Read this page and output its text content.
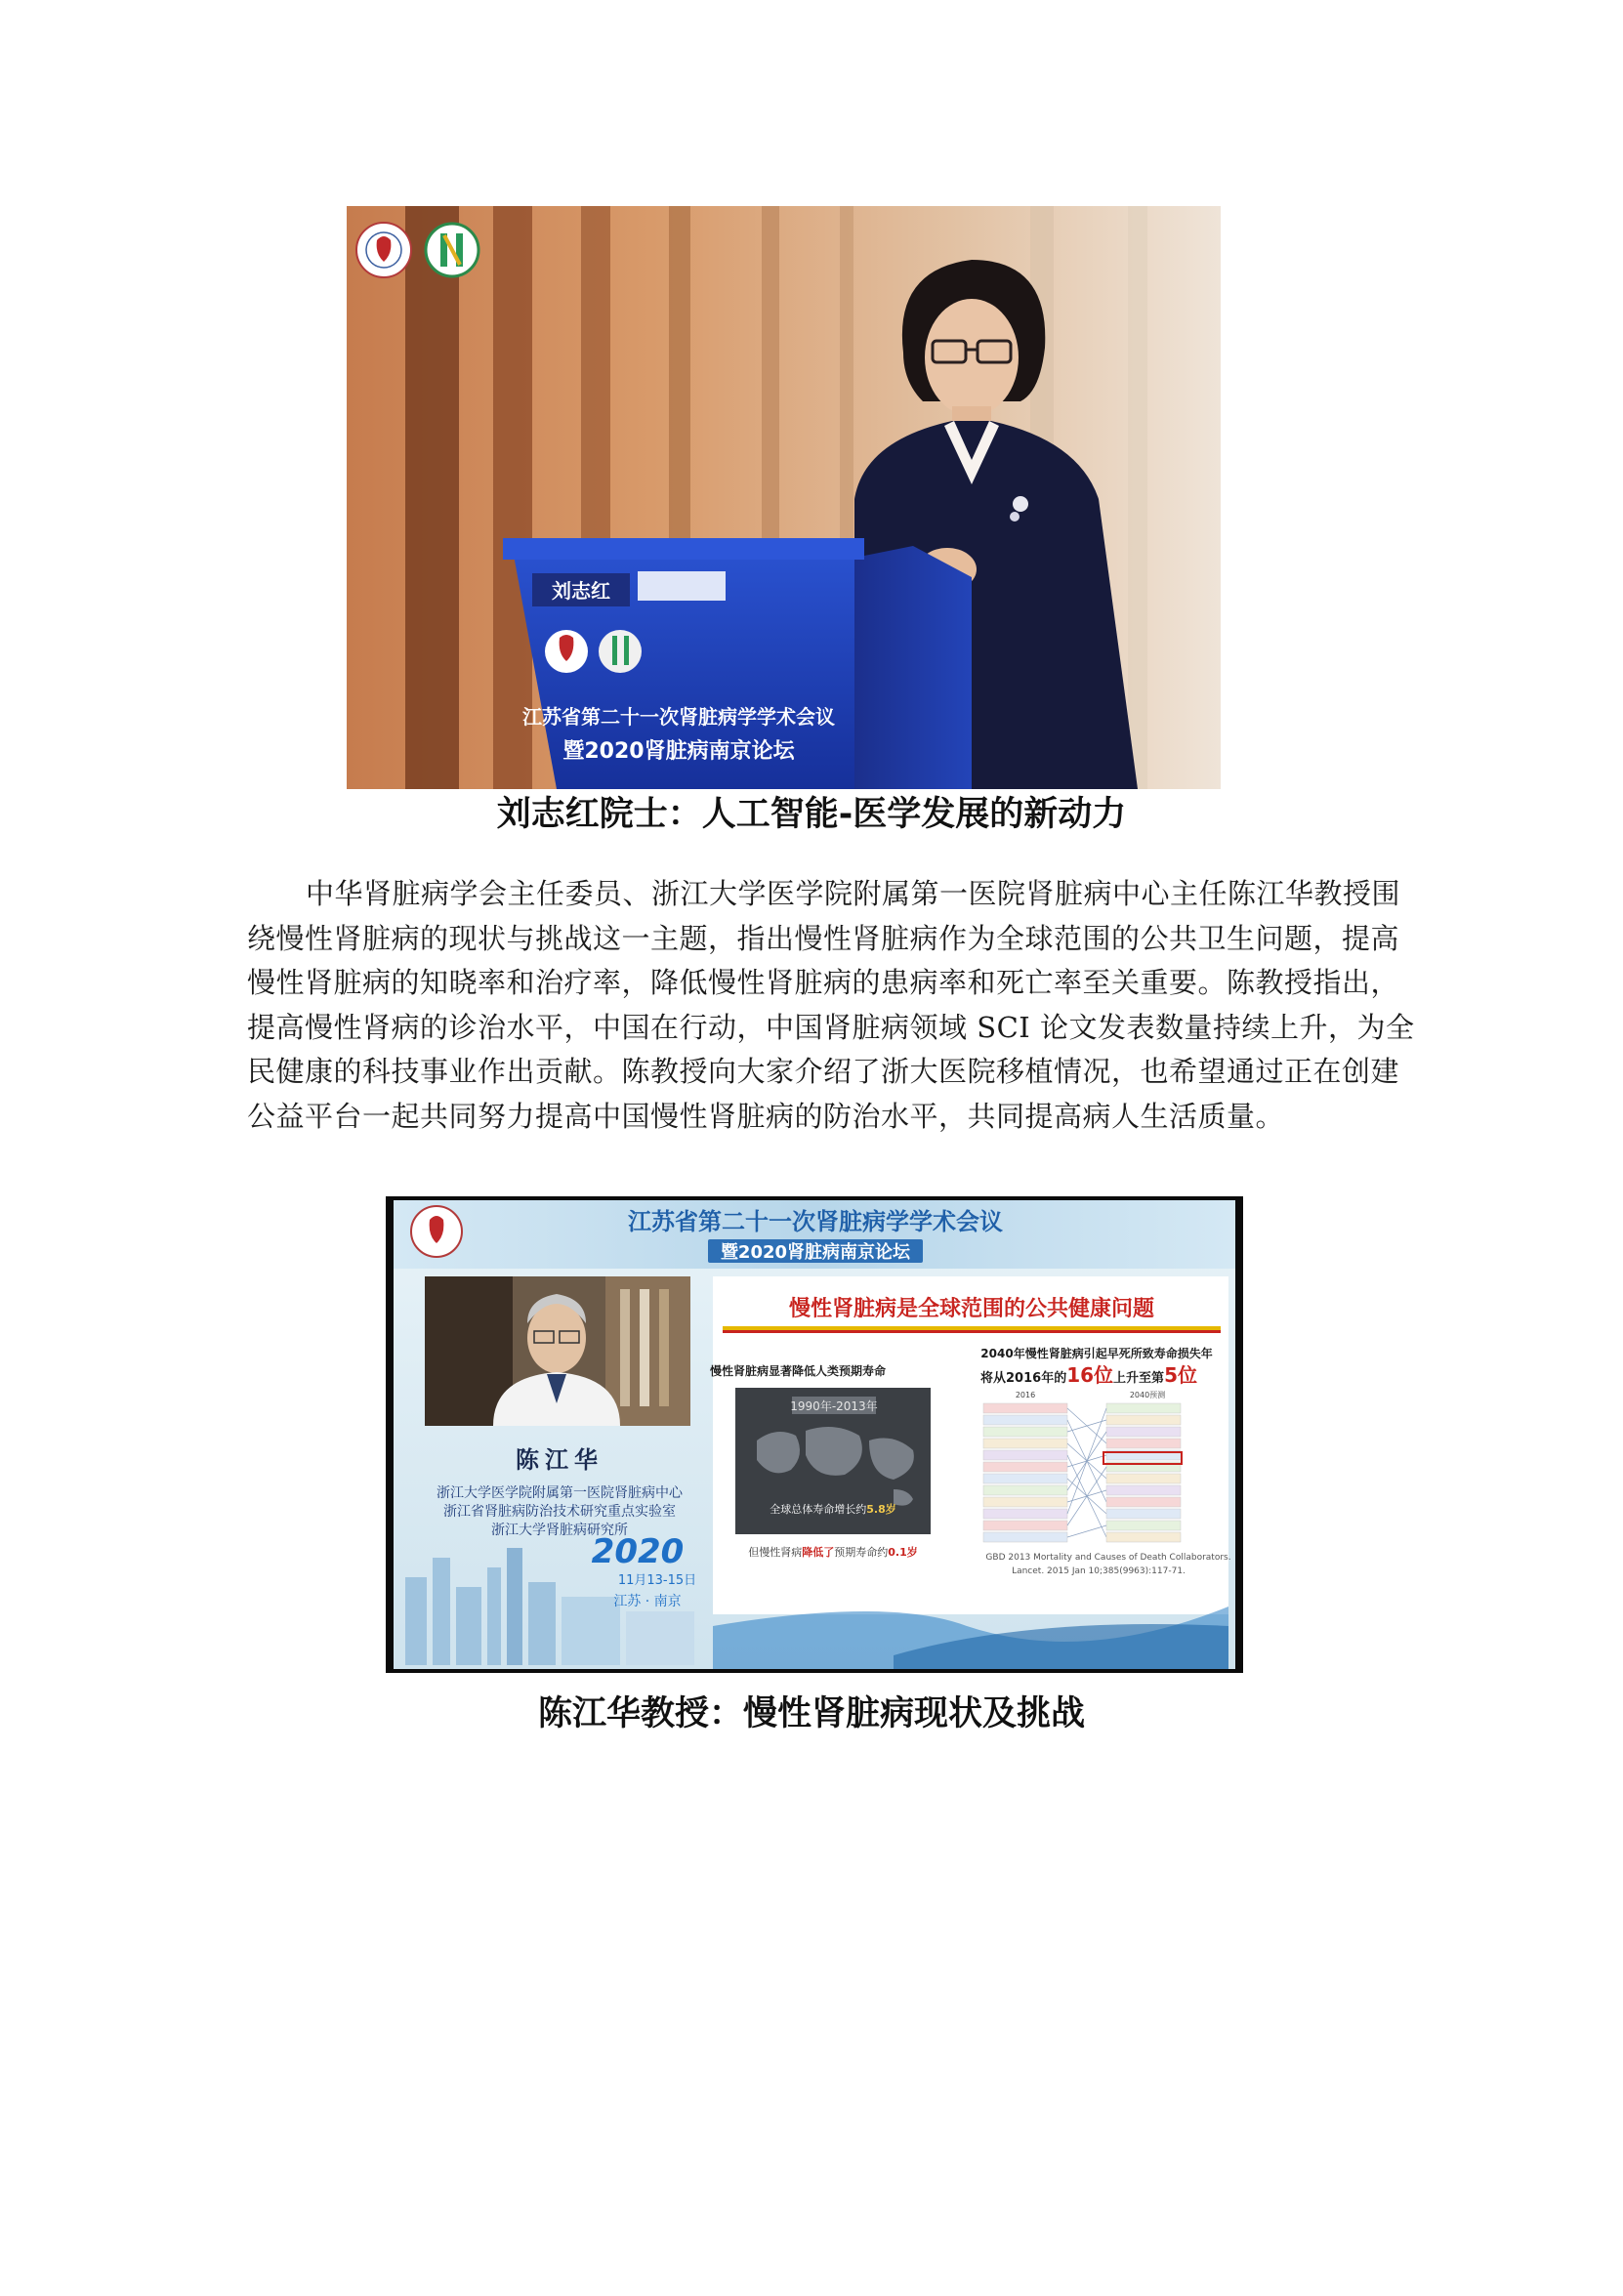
刘志红
江苏省第二十一次肾脏病学学术会议
暨2020肾脏病南京论坛
刘志红院士：人工智能-医学发展的新动力

中华肾脏病学会主任委员、浙江大学医学院附属第一医院肾脏病中心主任陈江华教授围

绕慢性肾脏病的现状与挑战这一主题，指出慢性肾脏病作为全球范围的公共卫生问题，提高

慢性肾脏病的知晓率和治疗率，降低慢性肾脏病的患病率和死亡率至关重要。陈教授指出，

提高慢性肾病的诊治水平，中国在行动，中国肾脏病领域 SCI 论文发表数量持续上升，为全

民健康的科技事业作出贡献。陈教授向大家介绍了浙大医院移植情况，也希望通过正在创建

公益平台一起共同努力提高中国慢性肾脏病的防治水平，共同提高病人生活质量。

江苏省第二十一次肾脏病学学术会议
暨2020肾脏病南京论坛
陈江华
浙江大学医学院附属第一医院肾脏病中心
浙江省肾脏病防治技术研究重点实验室
浙江大学肾脏病研究所
2020
11月13-15日
江苏 · 南京
慢性肾脏病是全球范围的公共健康问题
慢性肾脏病显著降低人类预期寿命
1990年-2013年
全球总体寿命增长约5.8岁
但慢性肾病降低了预期寿命约0.1岁
2040年慢性肾脏病引起早死所致寿命损失年
将从2016年的16位上升至第5位
2016	2040预测
GBD 2013 Mortality and Causes of Death Collaborators.
Lancet. 2015 Jan 10;385(9963):117-71.
陈江华教授：慢性肾脏病现状及挑战
